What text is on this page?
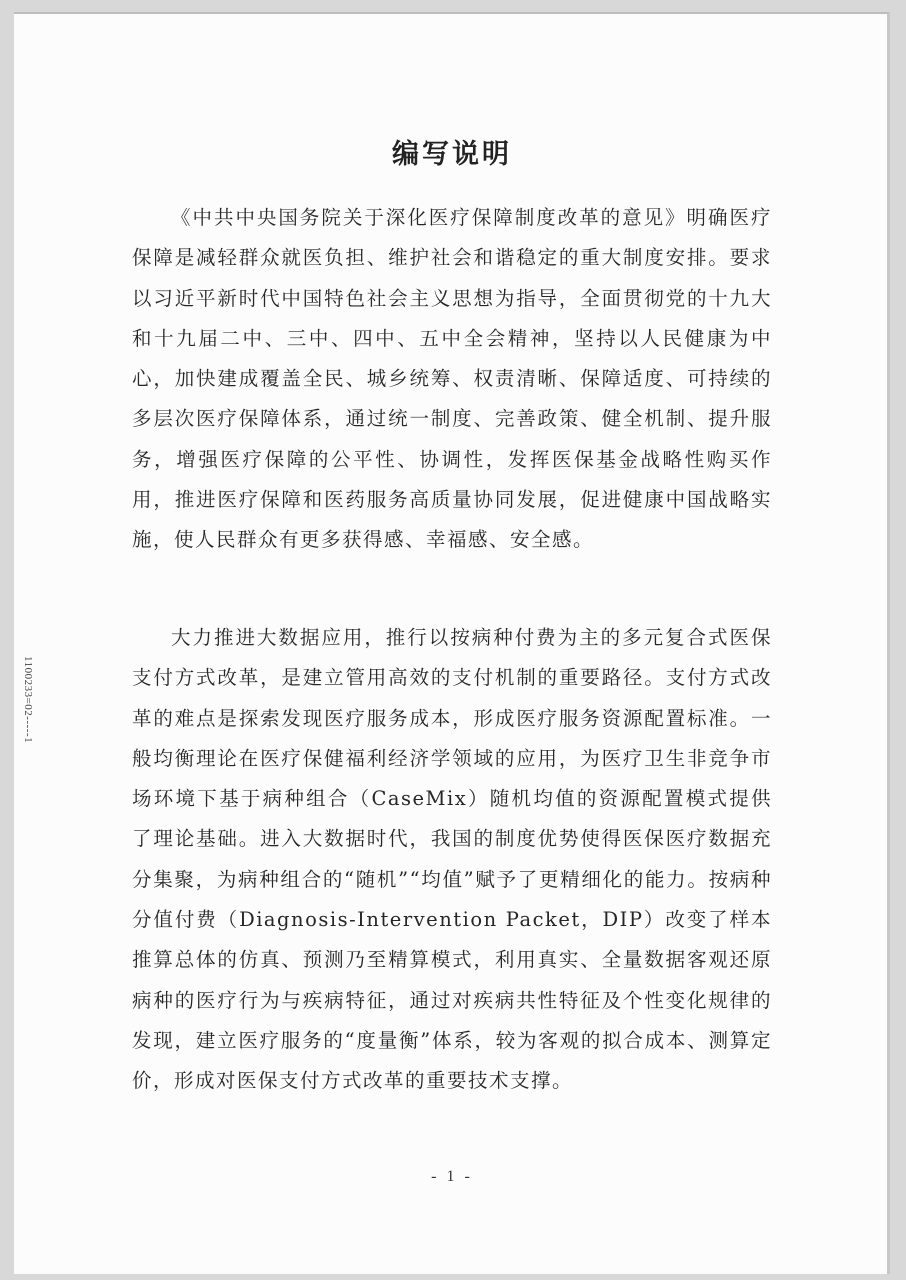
编写说明

《中共中央国务院关于深化医疗保障制度改革的意见》明确医疗保障是减轻群众就医负担、维护社会和谐稳定的重大制度安排。要求以习近平新时代中国特色社会主义思想为指导，全面贯彻党的十九大和十九届二中、三中、四中、五中全会精神，坚持以人民健康为中心，加快建成覆盖全民、城乡统筹、权责清晰、保障适度、可持续的多层次医疗保障体系，通过统一制度、完善政策、健全机制、提升服务，增强医疗保障的公平性、协调性，发挥医保基金战略性购买作用，推进医疗保障和医药服务高质量协同发展，促进健康中国战略实施，使人民群众有更多获得感、幸福感、安全感。

大力推进大数据应用，推行以按病种付费为主的多元复合式医保支付方式改革，是建立管用高效的支付机制的重要路径。支付方式改革的难点是探索发现医疗服务成本，形成医疗服务资源配置标准。一般均衡理论在医疗保健福利经济学领域的应用，为医疗卫生非竞争市场环境下基于病种组合（CaseMix）随机均值的资源配置模式提供了理论基础。进入大数据时代，我国的制度优势使得医保医疗数据充分集聚，为病种组合的“随机”“均值”赋予了更精细化的能力。按病种分值付费（Diagnosis-Intervention Packet，DIP）改变了样本推算总体的仿真、预测乃至精算模式，利用真实、全量数据客观还原病种的医疗行为与疾病特征，通过对疾病共性特征及个性变化规律的发现，建立医疗服务的“度量衡”体系，较为客观的拟合成本、测算定价，形成对医保支付方式改革的重要技术支撑。

1100233=02-----1
- 1 -
